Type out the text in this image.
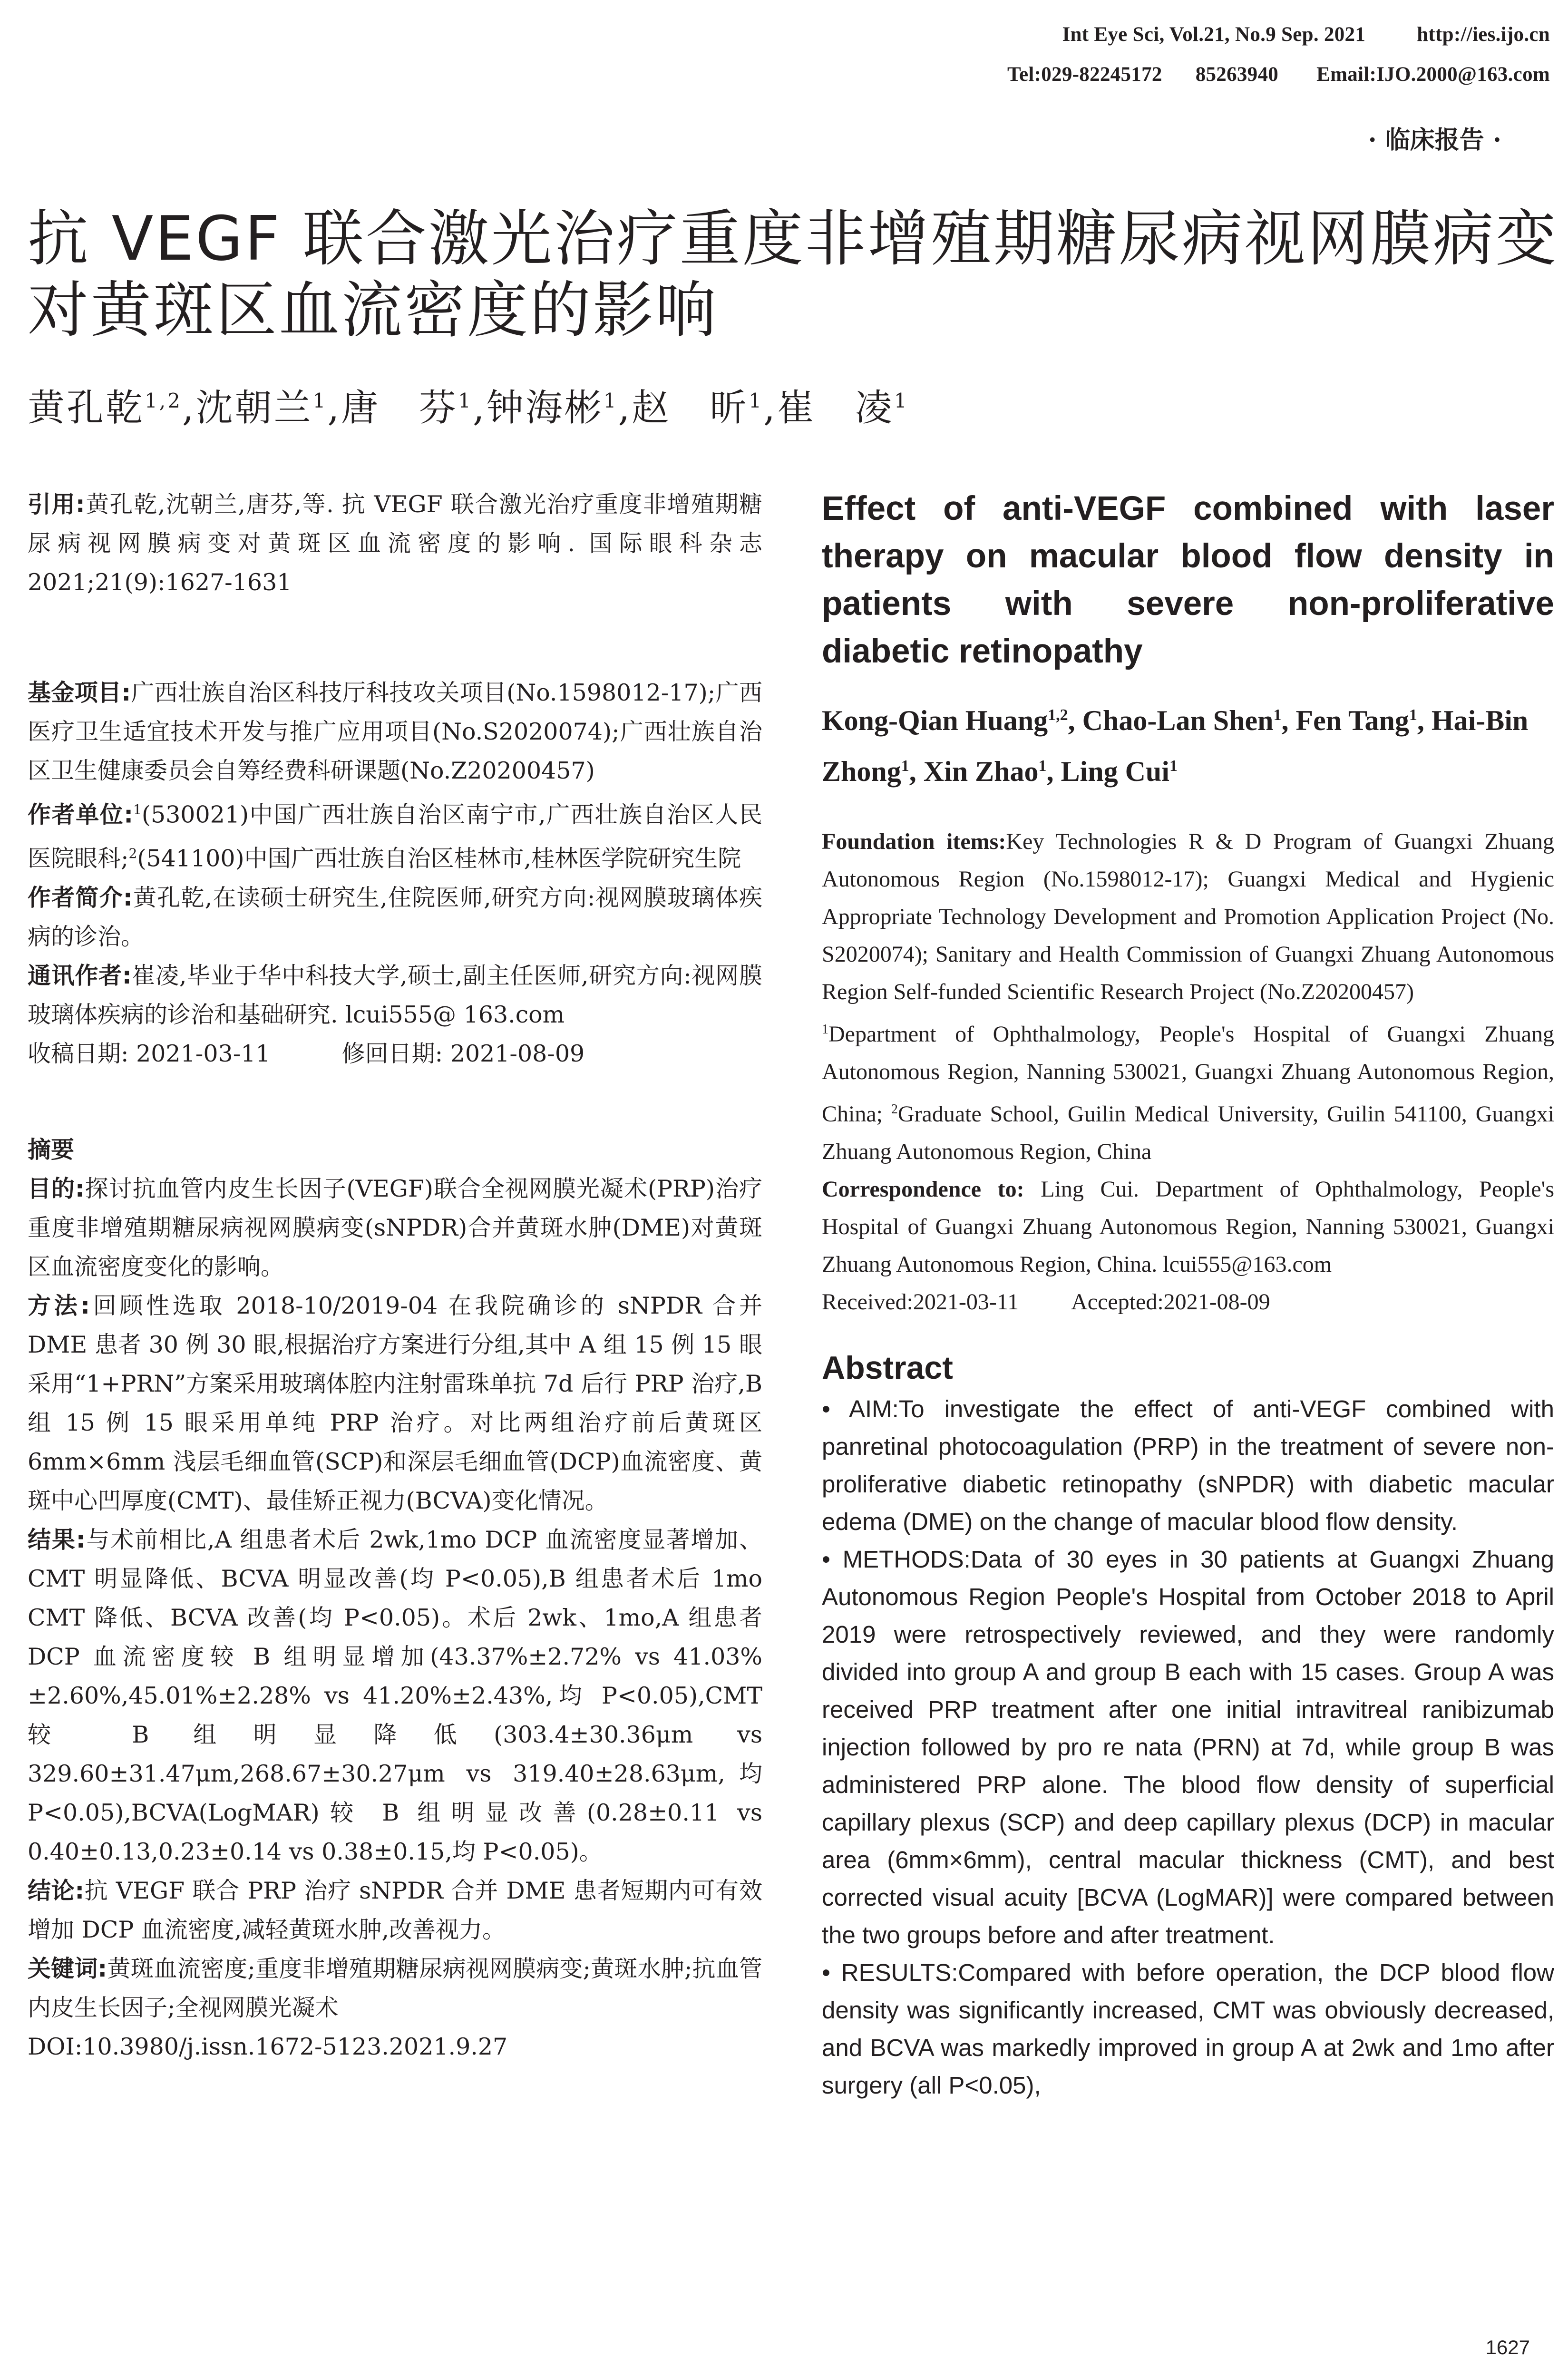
Int Eye Sci, Vol.21, No.9 Sep. 2021	http://ies.ijo.cn
Tel:029-82245172 85263940 Email:IJO.2000@163.com
· 临床报告 ·
抗 VEGF 联合激光治疗重度非增殖期糖尿病视网膜病变
对黄斑区血流密度的影响
黄孔乾$^{1,2}$,沈朝兰$^1$,唐　芬$^1$,钟海彬$^1$,赵　昕$^1$,崔　凌$^1$

引用:黄孔乾,沈朝兰,唐芬,等. 抗 VEGF 联合激光治疗重度非增殖期糖尿病视网膜病变对黄斑区血流密度的影响. 国际眼科杂志 2021;21(9):1627-1631

基金项目:广西壮族自治区科技厅科技攻关项目(No.1598012-17);广西医疗卫生适宜技术开发与推广应用项目(No.S2020074);广西壮族自治区卫生健康委员会自筹经费科研课题(No.Z20200457)

作者单位:$^1$(530021)中国广西壮族自治区南宁市,广西壮族自治区人民医院眼科;$^2$(541100)中国广西壮族自治区桂林市,桂林医学院研究生院

作者简介:黄孔乾,在读硕士研究生,住院医师,研究方向:视网膜玻璃体疾病的诊治。

通讯作者:崔凌,毕业于华中科技大学,硕士,副主任医师,研究方向:视网膜玻璃体疾病的诊治和基础研究. lcui555@ 163.com

收稿日期: 2021-03-11	修回日期: 2021-08-09

摘要

目的:探讨抗血管内皮生长因子(VEGF)联合全视网膜光凝术(PRP)治疗重度非增殖期糖尿病视网膜病变(sNPDR)合并黄斑水肿(DME)对黄斑区血流密度变化的影响。

方法:回顾性选取 2018-10/2019-04 在我院确诊的 sNPDR 合并 DME 患者 30 例 30 眼,根据治疗方案进行分组,其中 A 组 15 例 15 眼采用“1+PRN”方案采用玻璃体腔内注射雷珠单抗 7d 后行 PRP 治疗,B 组 15 例 15 眼采用单纯 PRP 治疗。对比两组治疗前后黄斑区 6mm×6mm 浅层毛细血管(SCP)和深层毛细血管(DCP)血流密度、黄斑中心凹厚度(CMT)、最佳矫正视力(BCVA)变化情况。

结果:与术前相比,A 组患者术后 2wk,1mo DCP 血流密度显著增加、CMT 明显降低、BCVA 明显改善(均 P<0.05),B 组患者术后 1mo CMT 降低、BCVA 改善(均 P<0.05)。术后 2wk、1mo,A 组患者 DCP 血流密度较 B 组明显增加(43.37%±2.72% vs 41.03%±2.60%,45.01%±2.28% vs 41.20%±2.43%,均 P<0.05),CMT 较 B 组明显降低(303.4±30.36μm vs 329.60±31.47μm,268.67±30.27μm vs 319.40±28.63μm,均 P<0.05),BCVA(LogMAR)较 B 组明显改善(0.28±0.11 vs 0.40±0.13,0.23±0.14 vs 0.38±0.15,均 P<0.05)。

结论:抗 VEGF 联合 PRP 治疗 sNPDR 合并 DME 患者短期内可有效增加 DCP 血流密度,减轻黄斑水肿,改善视力。

关键词:黄斑血流密度;重度非增殖期糖尿病视网膜病变;黄斑水肿;抗血管内皮生长因子;全视网膜光凝术

DOI:10.3980/j.issn.1672-5123.2021.9.27

Effect of anti-VEGF combined with laser therapy on macular blood flow density in patients with severe non-proliferative diabetic retinopathy

Kong-Qian Huang$^{1,2}$, Chao-Lan Shen$^1$, Fen Tang$^1$, Hai-Bin Zhong$^1$, Xin Zhao$^1$, Ling Cui$^1$

Foundation items:Key Technologies R & D Program of Guangxi Zhuang Autonomous Region (No.1598012-17); Guangxi Medical and Hygienic Appropriate Technology Development and Promotion Application Project (No. S2020074); Sanitary and Health Commission of Guangxi Zhuang Autonomous Region Self-funded Scientific Research Project (No.Z20200457)

$^1$Department of Ophthalmology, People's Hospital of Guangxi Zhuang Autonomous Region, Nanning 530021, Guangxi Zhuang Autonomous Region, China; $^2$Graduate School, Guilin Medical University, Guilin 541100, Guangxi Zhuang Autonomous Region, China

Correspondence to: Ling Cui. Department of Ophthalmology, People's Hospital of Guangxi Zhuang Autonomous Region, Nanning 530021, Guangxi Zhuang Autonomous Region, China. lcui555@163.com

Received:2021-03-11 Accepted:2021-08-09

Abstract

• AIM:To investigate the effect of anti-VEGF combined with panretinal photocoagulation (PRP) in the treatment of severe non-proliferative diabetic retinopathy (sNPDR) with diabetic macular edema (DME) on the change of macular blood flow density.

• METHODS:Data of 30 eyes in 30 patients at Guangxi Zhuang Autonomous Region People's Hospital from October 2018 to April 2019 were retrospectively reviewed, and they were randomly divided into group A and group B each with 15 cases. Group A was received PRP treatment after one initial intravitreal ranibizumab injection followed by pro re nata (PRN) at 7d, while group B was administered PRP alone. The blood flow density of superficial capillary plexus (SCP) and deep capillary plexus (DCP) in macular area (6mm×6mm), central macular thickness (CMT), and best corrected visual acuity [BCVA (LogMAR)] were compared between the two groups before and after treatment.

• RESULTS:Compared with before operation, the DCP blood flow density was significantly increased, CMT was obviously decreased, and BCVA was markedly improved in group A at 2wk and 1mo after surgery (all P<0.05),

1627
